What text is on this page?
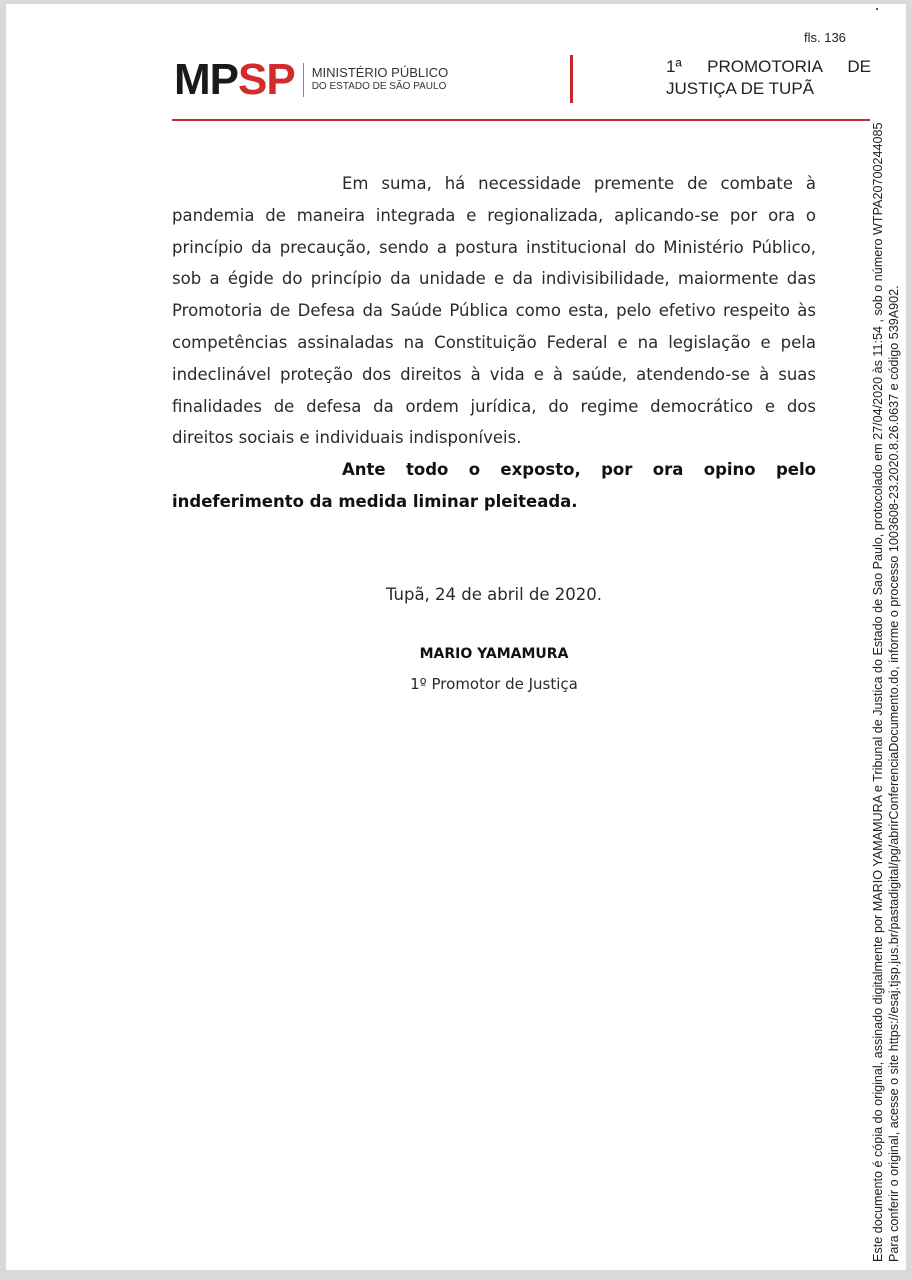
fls. 136
MPSP MINISTÉRIO PÚBLICO
DO ESTADO DE SÃO PAULO
1ª PROMOTORIA DE
JUSTIÇA DE TUPÃ

Em suma, há necessidade premente de combate à pandemia de maneira integrada e regionalizada, aplicando-se por ora o princípio da precaução, sendo a postura institucional do Ministério Público, sob a égide do princípio da unidade e da indivisibilidade, maiormente das Promotoria de Defesa da Saúde Pública como esta, pelo efetivo respeito às competências assinaladas na Constituição Federal e na legislação e pela indeclinável proteção dos direitos à vida e à saúde, atendendo-se à suas finalidades de defesa da ordem jurídica, do regime democrático e dos direitos sociais e individuais indisponíveis.

Ante todo o exposto, por ora opino pelo indeferimento da medida liminar pleiteada.

Tupã, 24 de abril de 2020.
MARIO YAMAMURA
1º Promotor de Justiça	Este documento é cópia do original, assinado digitalmente por MARIO YAMAMURA e Tribunal de Justica do Estado de Sao Paulo, protocolado em 27/04/2020 às 11:54 , sob o número WTPA20700244085 Para conferir o original, acesse o site https://esaj.tjsp.jus.br/pastadigital/pg/abrirConferenciaDocumento.do, informe o processo 1003608-23.2020.8.26.0637 e código 539A902.
